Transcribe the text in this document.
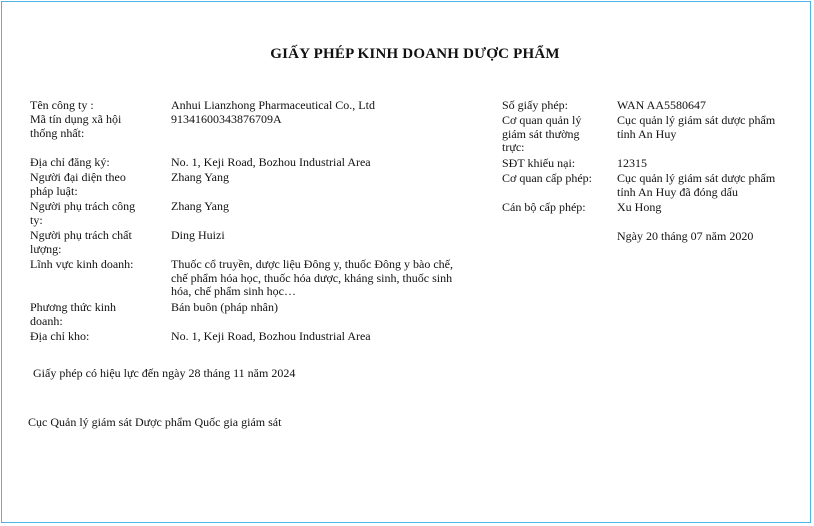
GIẤY PHÉP KINH DOANH DƯỢC PHẨM
Tên công ty :	Anhui Lianzhong Pharmaceutical Co., Ltd
Mã tín dụng xã hội
thống nhất:
91341600343876709A
Địa chỉ đăng ký:	No. 1, Keji Road, Bozhou Industrial Area
Người đại diện theo
pháp luật:
Zhang Yang
Người phụ trách công
ty:
Zhang Yang
Người phụ trách chất
lượng:
Ding Huizi
Lĩnh vực kinh doanh:	Thuốc cổ truyền, dược liệu Đông y, thuốc Đông y bào chế,
chế phẩm hóa học, thuốc hóa dược, kháng sinh, thuốc sinh
hóa, chế phẩm sinh học…
Phương thức kinh
doanh:
Bán buôn (pháp nhân)
Địa chỉ kho:	No. 1, Keji Road, Bozhou Industrial Area
Số giấy phép:	WAN AA5580647
Cơ quan quản lý
giám sát thường
trực:
Cục quản lý giám sát dược phẩm
tỉnh An Huy
SĐT khiếu nại:	12315
Cơ quan cấp phép: Cục quản lý giám sát dược phẩm
tỉnh An Huy đã đóng dấu
Cán bộ cấp phép:	Xu Hong
Ngày 20 tháng 07 năm 2020
Giấy phép có hiệu lực đến ngày 28 tháng 11 năm 2024
Cục Quản lý giám sát Dược phẩm Quốc gia giám sát
